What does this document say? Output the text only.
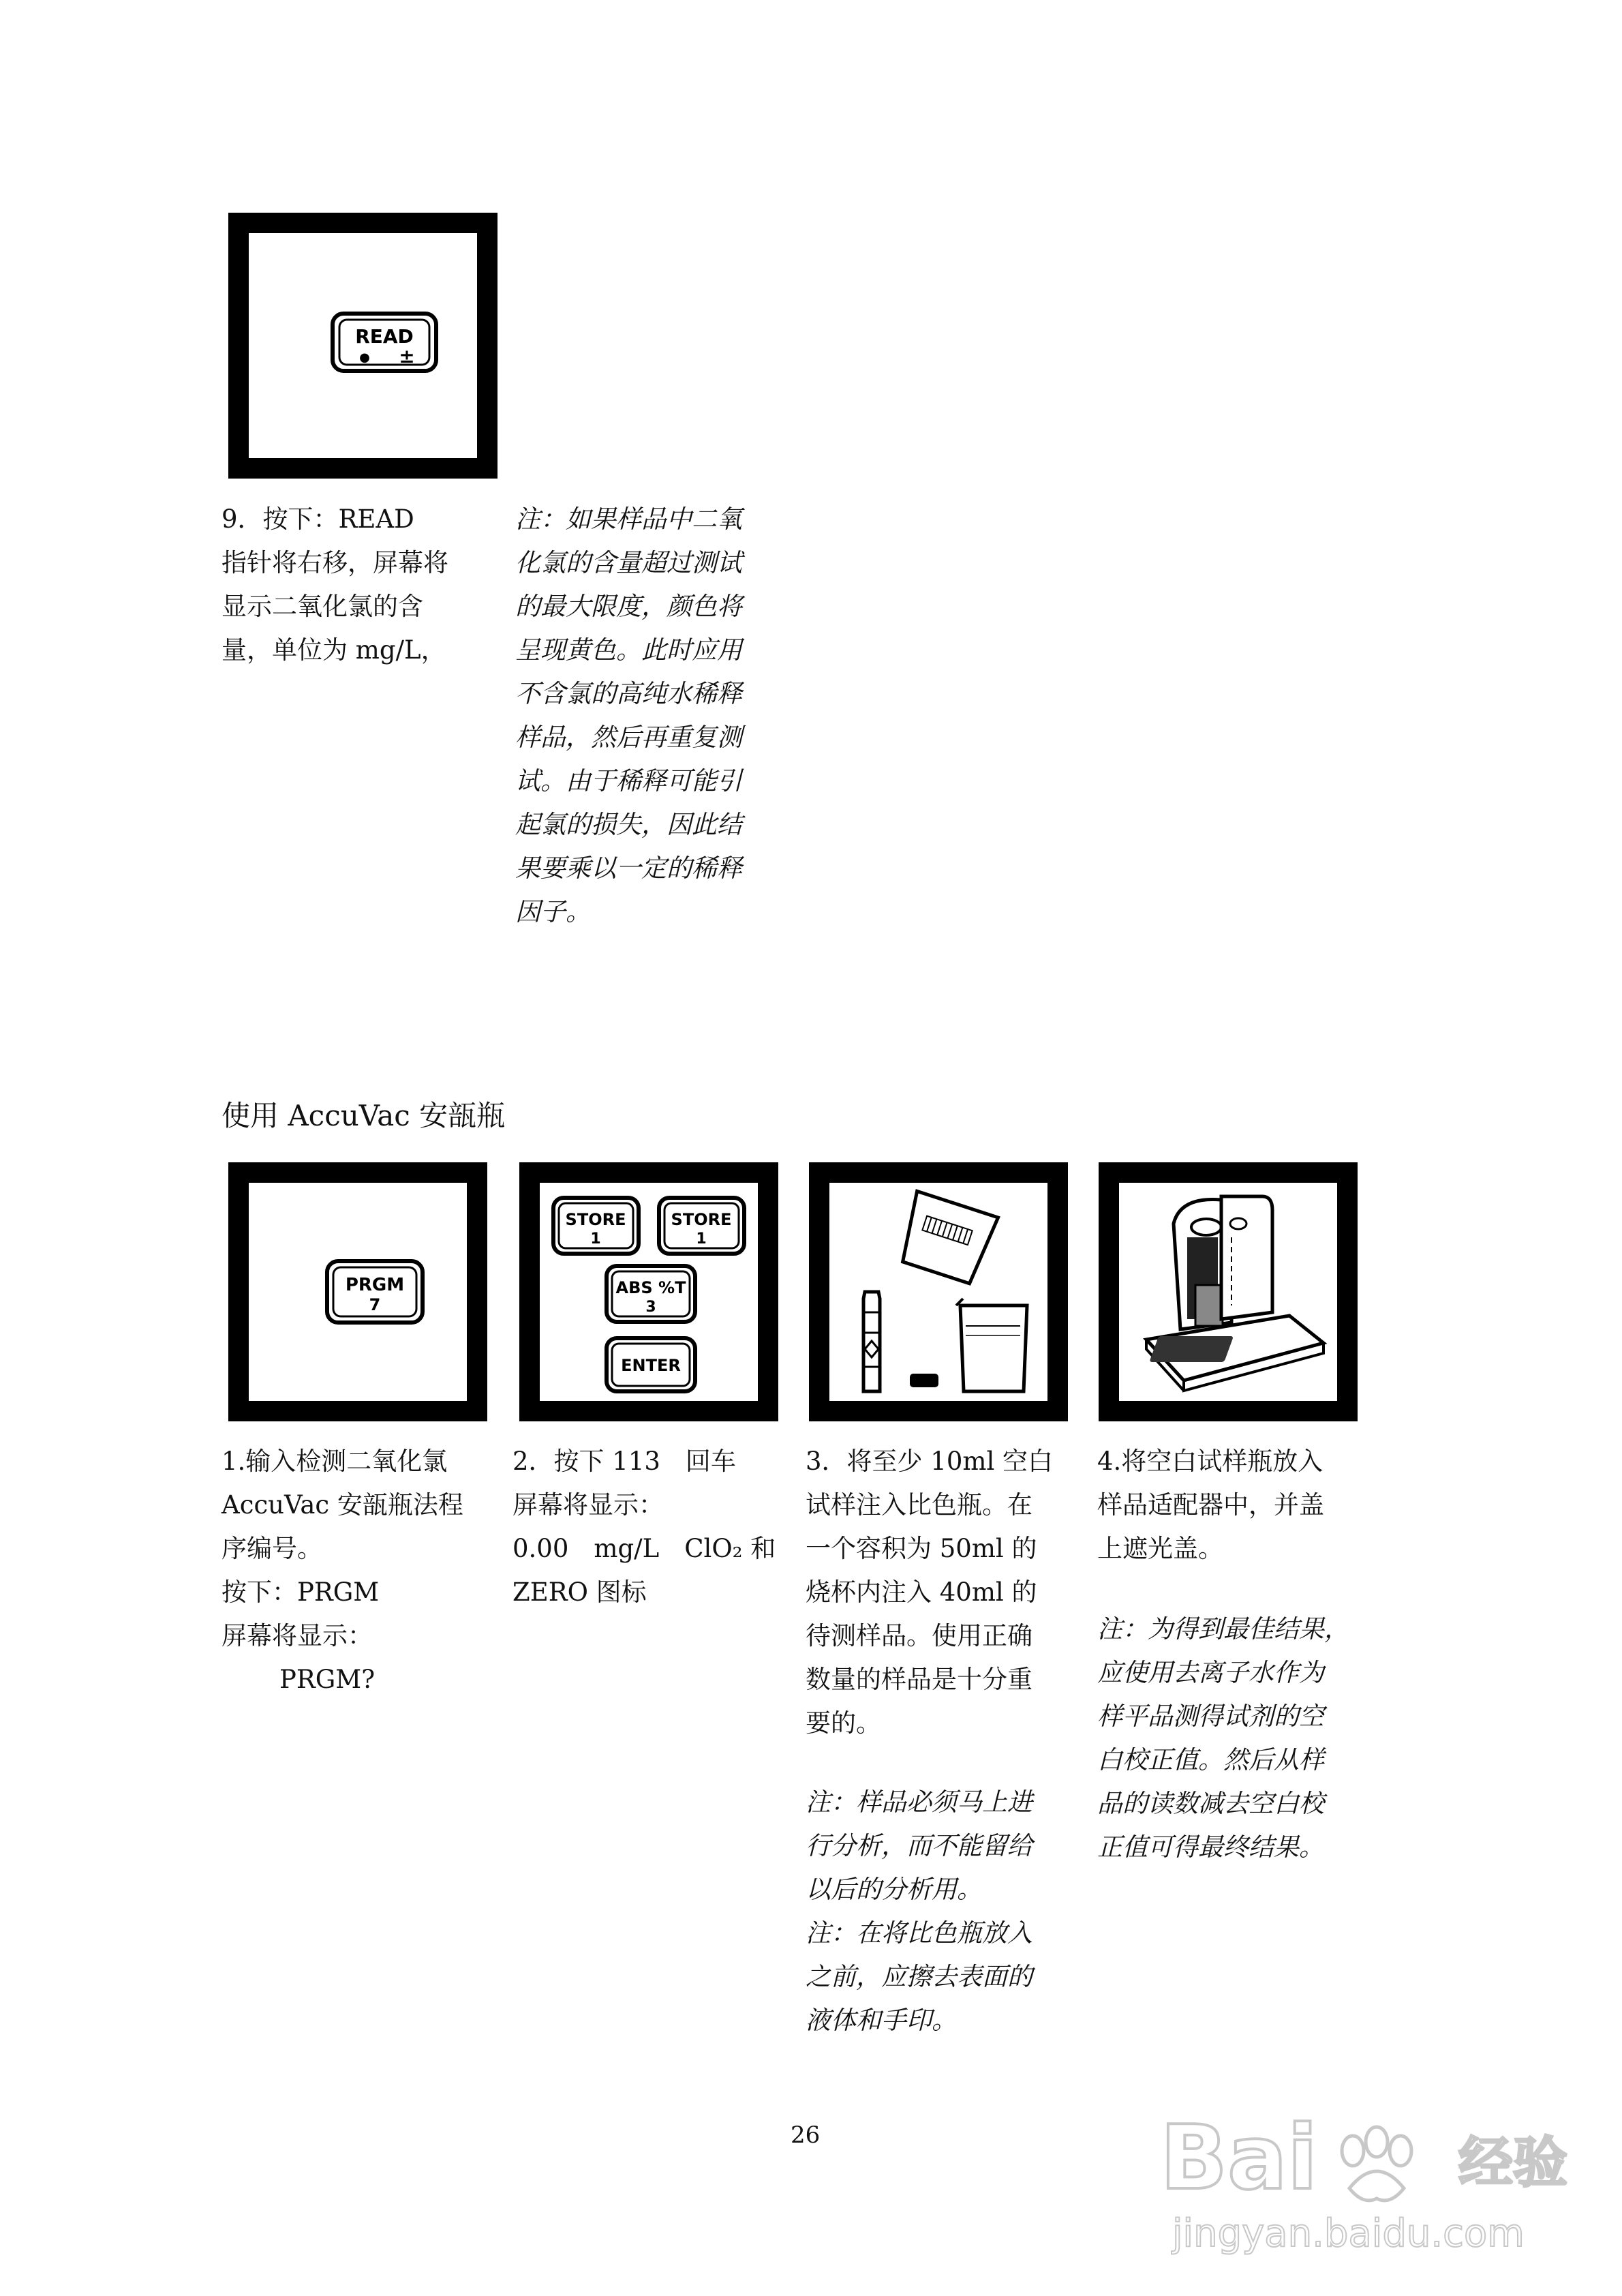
READ
● ±
9．按下：READ
指针将右移，屏幕将
显示二氧化氯的含
量，单位为 mg/L，
注：如果样品中二氧
化氯的含量超过测试
的最大限度，颜色将
呈现黄色。此时应用
不含氯的高纯水稀释
样品，然后再重复测
试。由于稀释可能引
起氯的损失，因此结
果要乘以一定的稀释
因子。
使用 AccuVac 安瓿瓶
PRGM
7
STORE
1
STORE
1
ABS %T
3
ENTER
1.输入检测二氧化氯
AccuVac 安瓿瓶法程
序编号。
按下：PRGM
屏幕将显示：
PRGM?
2．按下 113　回车
屏幕将显示：
0.00　mg/L　ClO₂ 和
ZERO 图标
3．将至少 10ml 空白
试样注入比色瓶。在
一个容积为 50ml 的
烧杯内注入 40ml 的
待测样品。使用正确
数量的样品是十分重
要的。
注：样品必须马上进
行分析，而不能留给
以后的分析用。
注：在将比色瓶放入
之前，应擦去表面的
液体和手印。
4.将空白试样瓶放入
样品适配器中，并盖
上遮光盖。
注：为得到最佳结果，
应使用去离子水作为
样平品测得试剂的空
白校正值。然后从样
品的读数减去空白校
正值可得最终结果。
26	Bai	经验
jingyan.baidu.com
